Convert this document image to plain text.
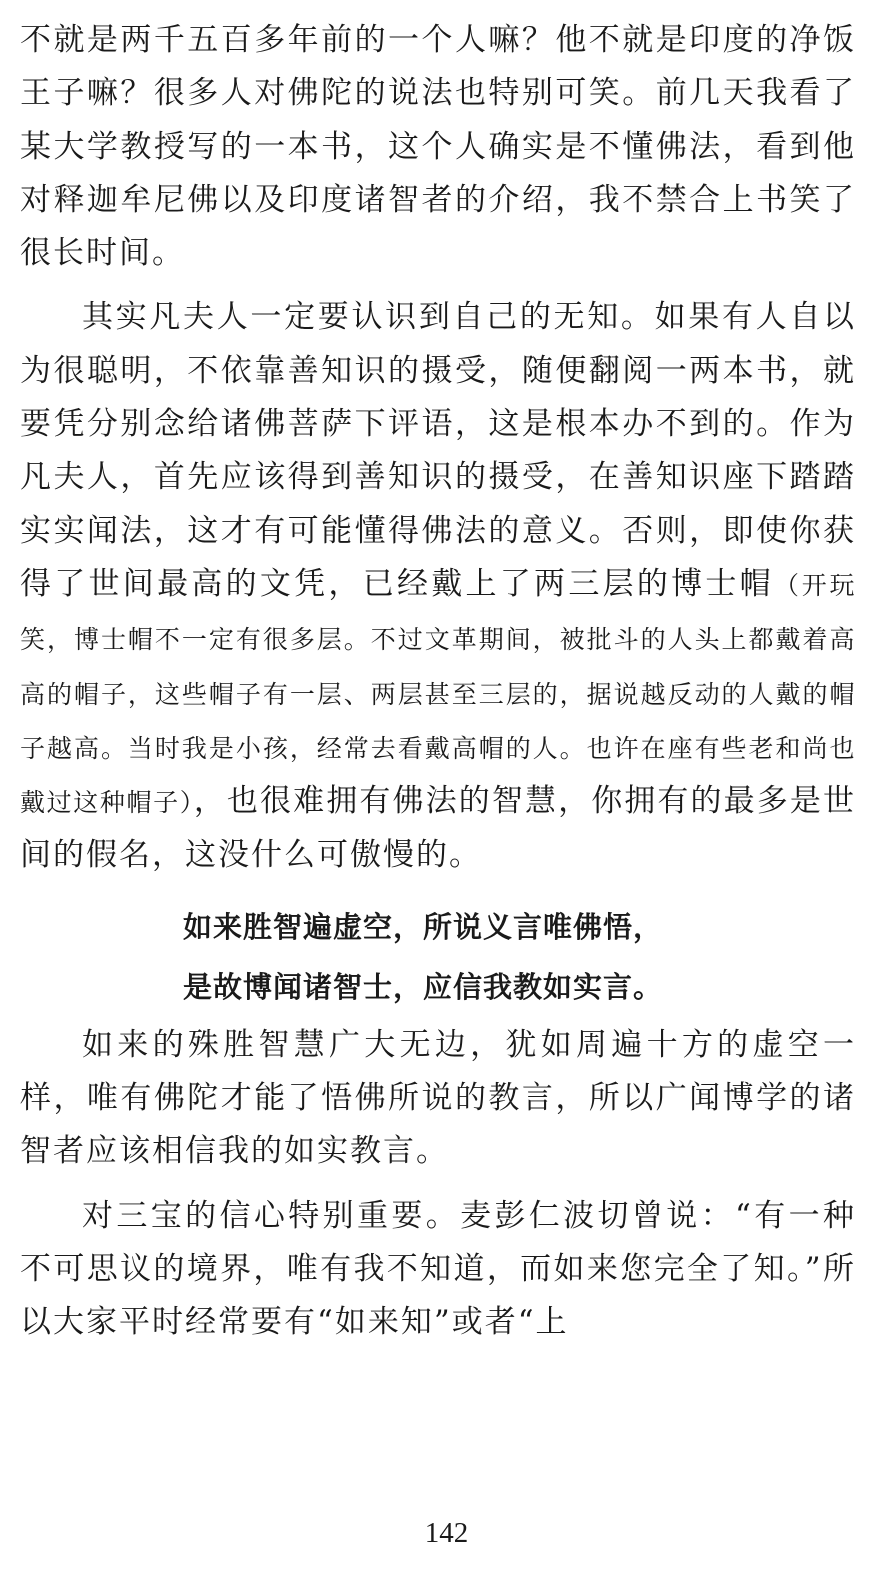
不就是两千五百多年前的一个人嘛？他不就是印度的净饭王子嘛？很多人对佛陀的说法也特别可笑。前几天我看了某大学教授写的一本书，这个人确实是不懂佛法，看到他对释迦牟尼佛以及印度诸智者的介绍，我不禁合上书笑了很长时间。

其实凡夫人一定要认识到自己的无知。如果有人自以为很聪明，不依靠善知识的摄受，随便翻阅一两本书，就要凭分别念给诸佛菩萨下评语，这是根本办不到的。作为凡夫人，首先应该得到善知识的摄受，在善知识座下踏踏实实闻法，这才有可能懂得佛法的意义。否则，即使你获得了世间最高的文凭，已经戴上了两三层的博士帽（开玩笑，博士帽不一定有很多层。不过文革期间，被批斗的人头上都戴着高高的帽子，这些帽子有一层、两层甚至三层的，据说越反动的人戴的帽子越高。当时我是小孩，经常去看戴高帽的人。也许在座有些老和尚也戴过这种帽子），也很难拥有佛法的智慧，你拥有的最多是世间的假名，这没什么可傲慢的。

如来胜智遍虚空，所说义言唯佛悟，

是故博闻诸智士，应信我教如实言。

如来的殊胜智慧广大无边，犹如周遍十方的虚空一样，唯有佛陀才能了悟佛所说的教言，所以广闻博学的诸智者应该相信我的如实教言。

对三宝的信心特别重要。麦彭仁波切曾说：“有一种不可思议的境界，唯有我不知道，而如来您完全了知。”所以大家平时经常要有“如来知”或者“上

142
